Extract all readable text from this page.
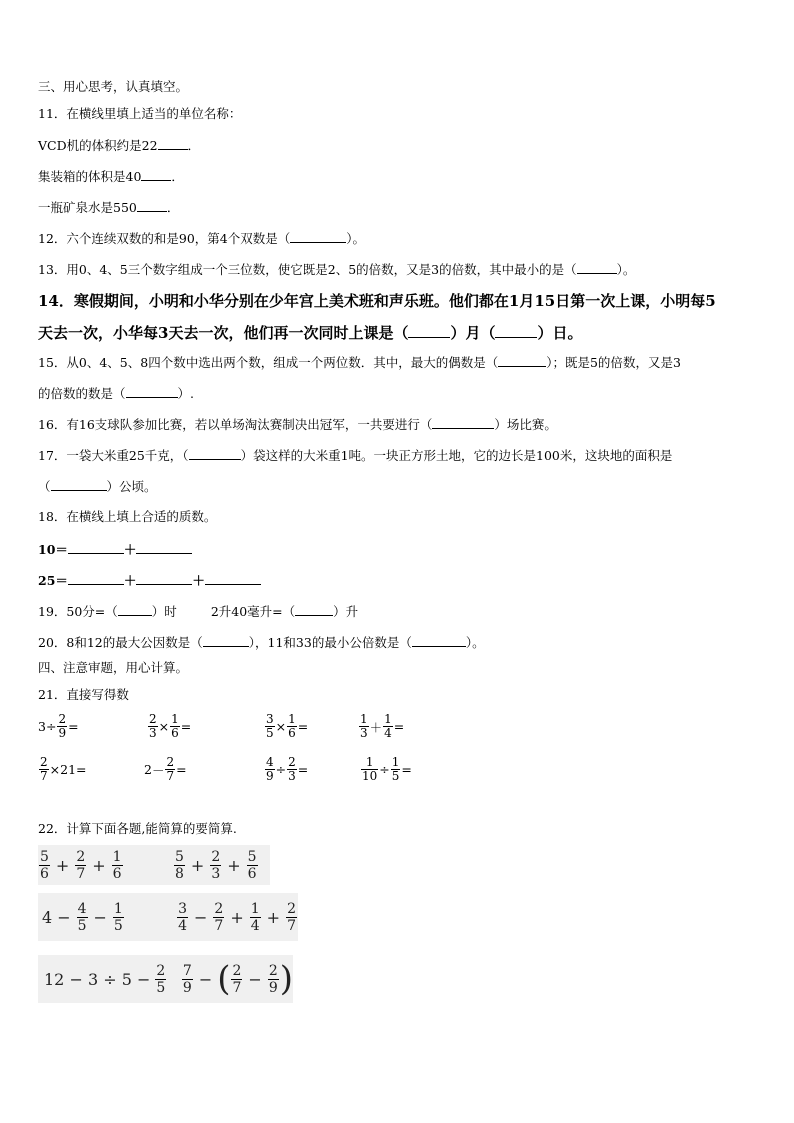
三、用心思考，认真填空。
11．在横线里填上适当的单位名称：
VCD机的体积约是22 ．
集装箱的体积是40 ．
一瓶矿泉水是550 ．
12．六个连续双数的和是90，第4个双数是（	）。
13．用0、4、5三个数字组成一个三位数，使它既是2、5的倍数，又是3的倍数，其中最小的是（	）。
14．寒假期间，小明和小华分别在少年宫上美术班和声乐班。他们都在1月15日第一次上课，小明每5
天去一次，小华每3天去一次，他们再一次同时上课是（	）月（	）日。
15．从0、4、5、8四个数中选出两个数，组成一个两位数．其中，最大的偶数是（	）；既是5的倍数，又是3
的倍数的数是（	）.
16．有16支球队参加比赛，若以单场淘汰赛制决出冠军，一共要进行（	）场比赛。
17．一袋大米重25千克，（	）袋这样的大米重1吨。一块正方形土地，它的边长是100米，这块地的面积是
（	）公顷。
18．在横线上填上合适的质数。
10＝	＋
25＝	＋	＋
19．50分=（	）时	2升40毫升=（	）升
20．8和12的最大公因数是（	），11和33的最小公倍数是（	）。
四、注意审题，用心计算。
21．直接写得数
$3 \div \frac{2}{9}$ =	$\frac{2}{3} \times \frac{1}{6}$ =	$\frac{3}{5} \times \frac{1}{6}$ =	$\frac{1}{3} + \frac{1}{4}$ =
$\frac{2}{7} \times 21=$	$2 - \frac{2}{7}$ =	$\frac{4}{9} \div \frac{2}{3}$ =	$\frac{1}{10} \div \frac{1}{5}$ =
22．计算下面各题,能简算的要简算.
$\frac{5}{6} + \frac{2}{7} + \frac{1}{6}$	$\frac{5}{8} + \frac{2}{3} + \frac{5}{6}$
$4 - \frac{4}{5} - \frac{1}{5}$	$\frac{3}{4} - \frac{2}{7} + \frac{1}{4} + \frac{2}{7}$
$12 - 3 \div 5 - \frac{2}{5} \frac{7}{9}$ − ( $\frac{2}{7} - \frac{2}{9}$ )
